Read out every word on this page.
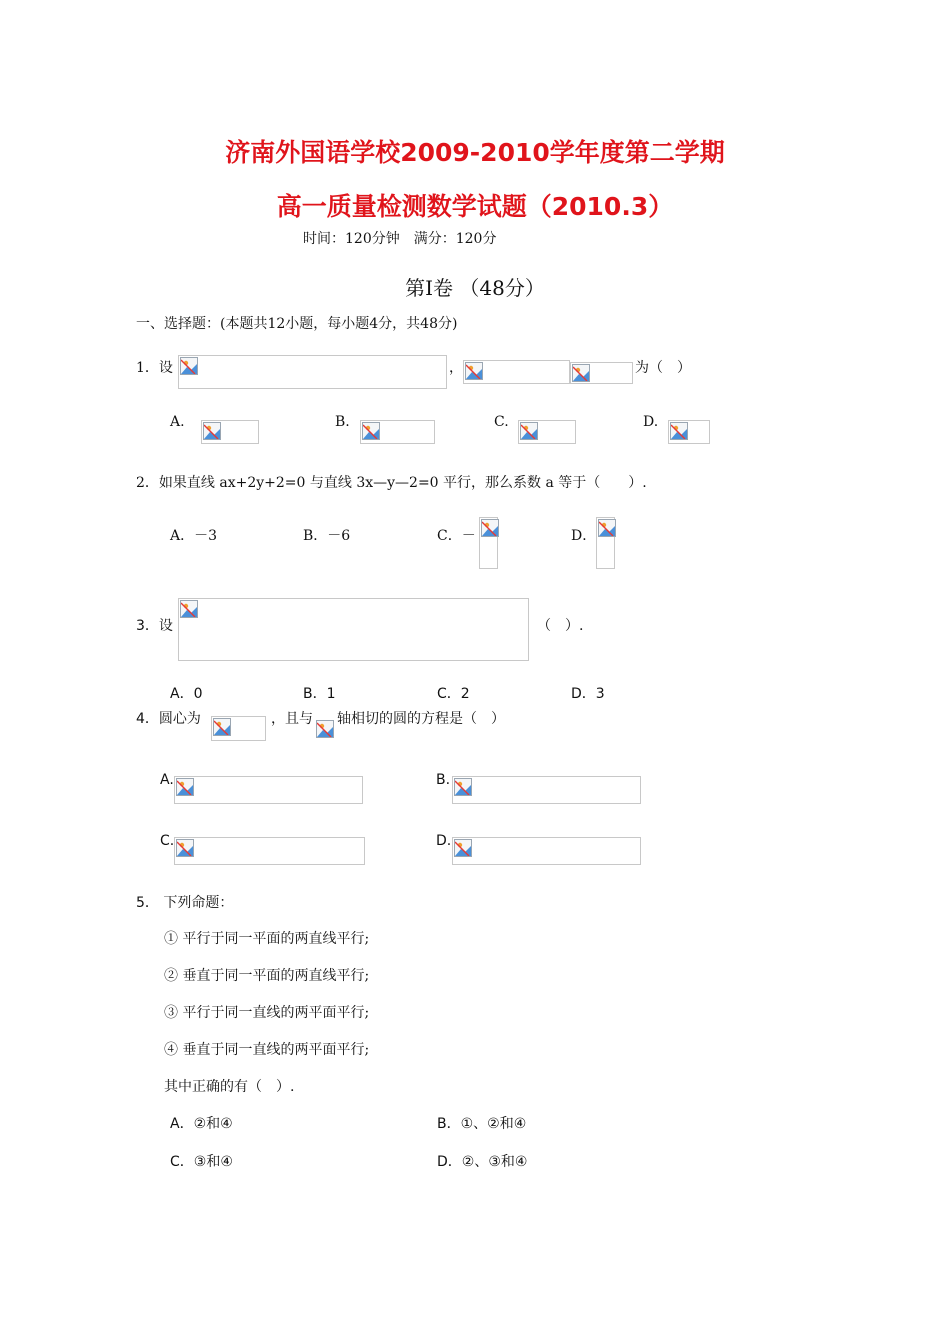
济南外国语学校2009-2010学年度第二学期
高一质量检测数学试题（2010.3）
时间：120分钟　满分：120分
第Ⅰ卷 （48分）
一、选择题：(本题共12小题，每小题4分，共48分)
1．设	，	为（　）
A.	B.	C.	D.
2．如果直线 ax+2y+2=0 与直线 3x—y—2=0 平行，那么系数 a 等于（　　）.
A．－3	B．－6	C．－	D．
3．设	（　）.
A．0	B．1	C．2	D．3
4．圆心为	，且与 轴相切的圆的方程是（　）
A.	B.
C.	D.
5． 下列命题：
① 平行于同一平面的两直线平行;
② 垂直于同一平面的两直线平行;
③ 平行于同一直线的两平面平行;
④ 垂直于同一直线的两平面平行;
其中正确的有（　）.
A．②和④	B．①、②和④
C．③和④	D．②、③和④
